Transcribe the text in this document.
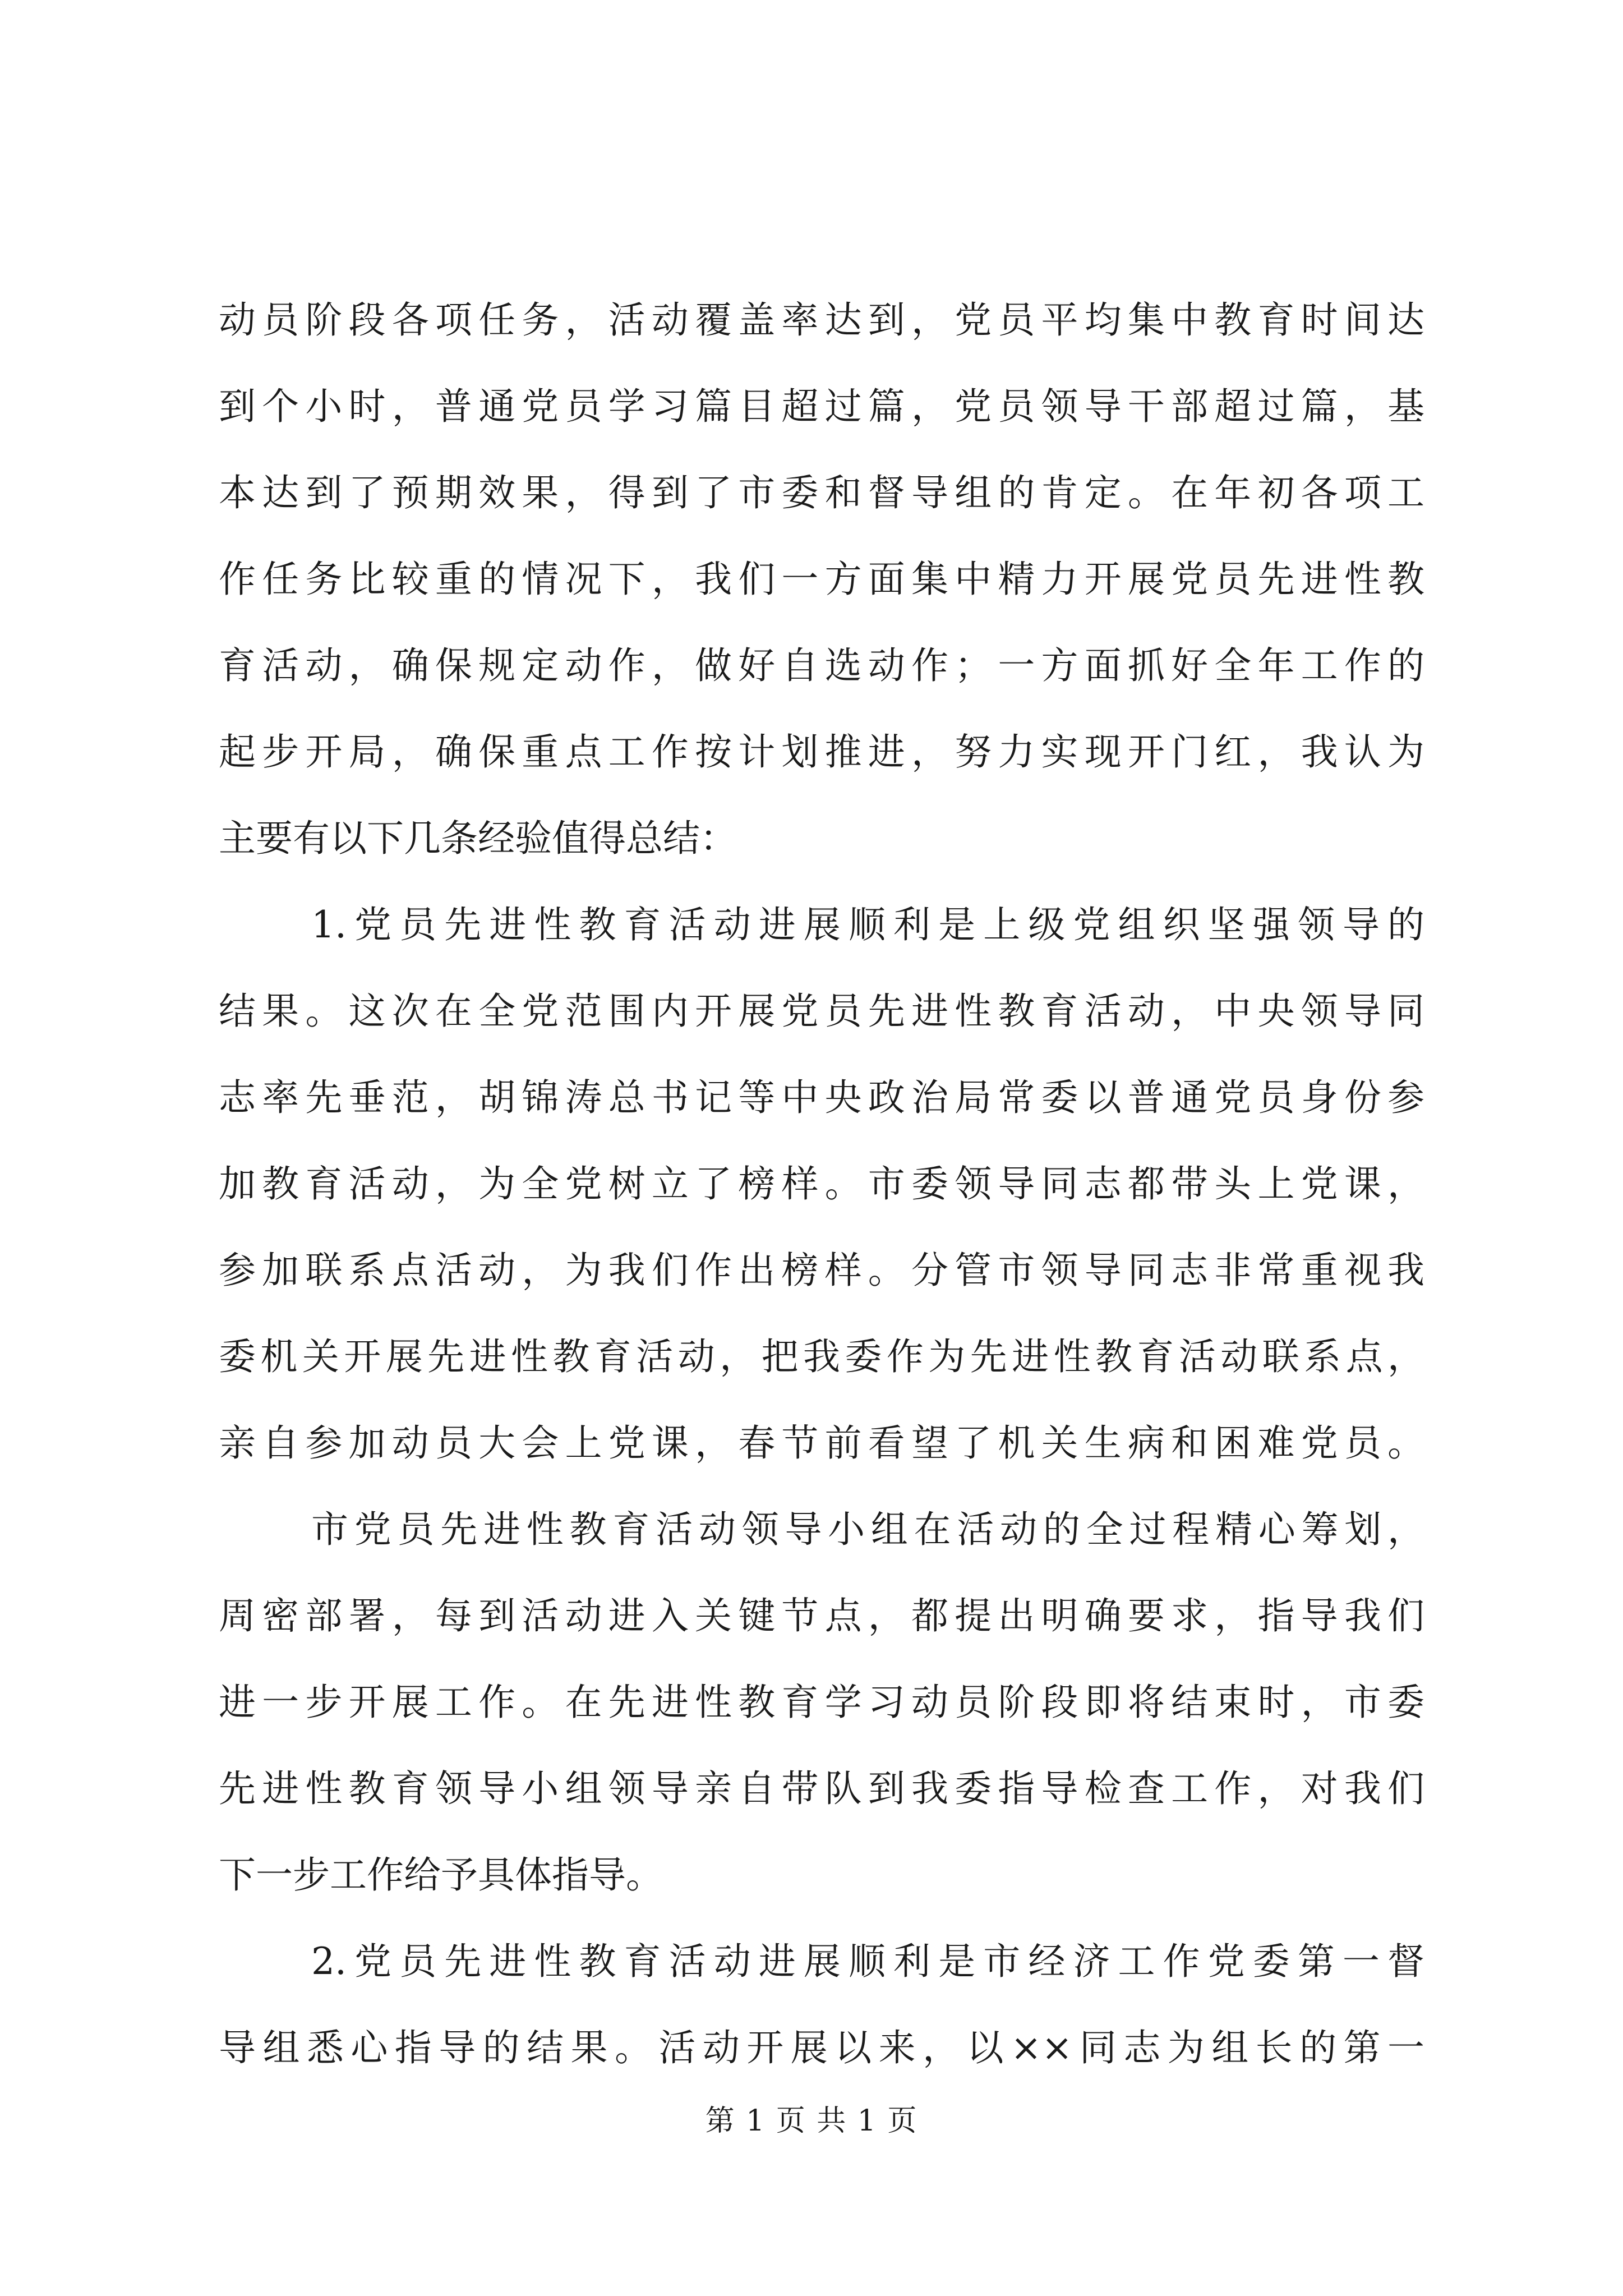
动员阶段各项任务，活动覆盖率达到，党员平均集中教育时间达
到个小时，普通党员学习篇目超过篇，党员领导干部超过篇，基
本达到了预期效果，得到了市委和督导组的肯定。在年初各项工
作任务比较重的情况下，我们一方面集中精力开展党员先进性教
育活动，确保规定动作，做好自选动作；一方面抓好全年工作的
起步开局，确保重点工作按计划推进，努力实现开门红，我认为
主要有以下几条经验值得总结：
1.党员先进性教育活动进展顺利是上级党组织坚强领导的
结果。这次在全党范围内开展党员先进性教育活动，中央领导同
志率先垂范，胡锦涛总书记等中央政治局常委以普通党员身份参
加教育活动，为全党树立了榜样。市委领导同志都带头上党课，
参加联系点活动，为我们作出榜样。分管市领导同志非常重视我
委机关开展先进性教育活动，把我委作为先进性教育活动联系点，
亲自参加动员大会上党课，春节前看望了机关生病和困难党员。
市党员先进性教育活动领导小组在活动的全过程精心筹划，
周密部署，每到活动进入关键节点，都提出明确要求，指导我们
进一步开展工作。在先进性教育学习动员阶段即将结束时，市委
先进性教育领导小组领导亲自带队到我委指导检查工作，对我们
下一步工作给予具体指导。
2.党员先进性教育活动进展顺利是市经济工作党委第一督
导组悉心指导的结果。活动开展以来，以××同志为组长的第一
第 1 页 共 1 页
